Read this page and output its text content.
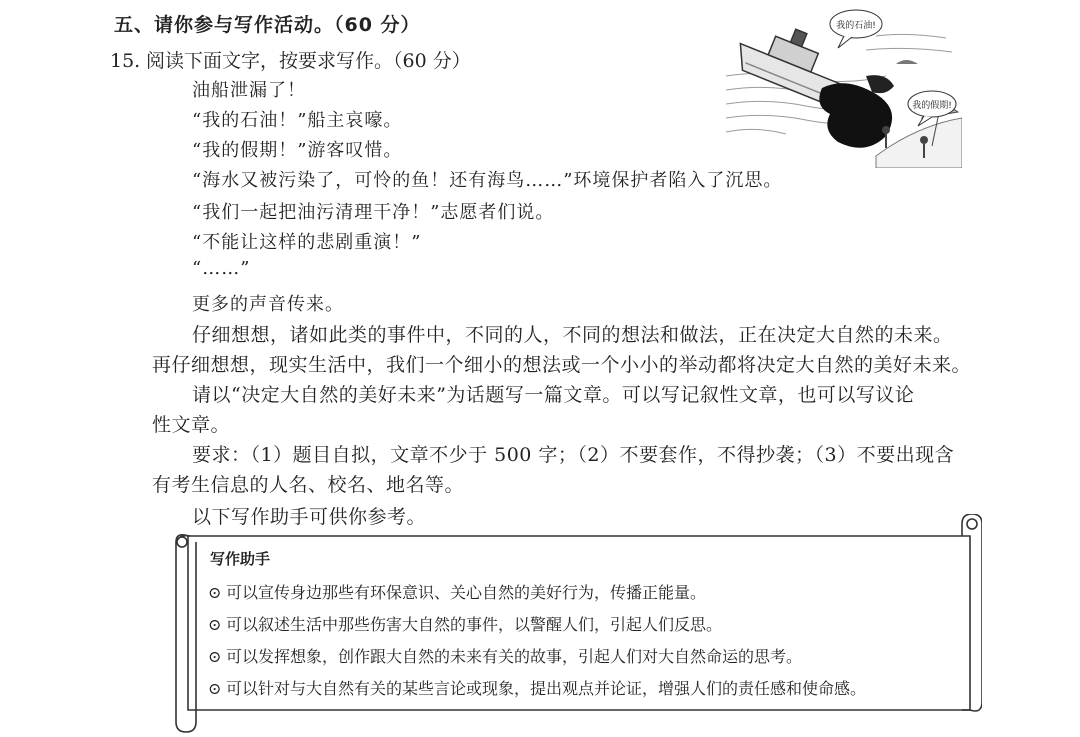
五、请你参与写作活动。（60 分）
15. 阅读下面文字，按要求写作。（60 分）
我的石油!
我的假期!
油船泄漏了！
“我的石油！”船主哀嚎。
“我的假期！”游客叹惜。
“海水又被污染了，可怜的鱼！还有海鸟……”环境保护者陷入了沉思。
“我们一起把油污清理干净！”志愿者们说。
“不能让这样的悲剧重演！”
“……”
更多的声音传来。
仔细想想，诸如此类的事件中，不同的人，不同的想法和做法，正在决定大自然的未来。
再仔细想想，现实生活中，我们一个细小的想法或一个小小的举动都将决定大自然的美好未来。
请以“决定大自然的美好未来”为话题写一篇文章。可以写记叙性文章，也可以写议论
性文章。
要求：（1）题目自拟，文章不少于 500 字；（2）不要套作，不得抄袭；（3）不要出现含
有考生信息的人名、校名、地名等。
以下写作助手可供你参考。
写作助手
⊙ 可以宣传身边那些有环保意识、关心自然的美好行为，传播正能量。
⊙ 可以叙述生活中那些伤害大自然的事件，以警醒人们，引起人们反思。
⊙ 可以发挥想象，创作跟大自然的未来有关的故事，引起人们对大自然命运的思考。
⊙ 可以针对与大自然有关的某些言论或现象，提出观点并论证，增强人们的责任感和使命感。
